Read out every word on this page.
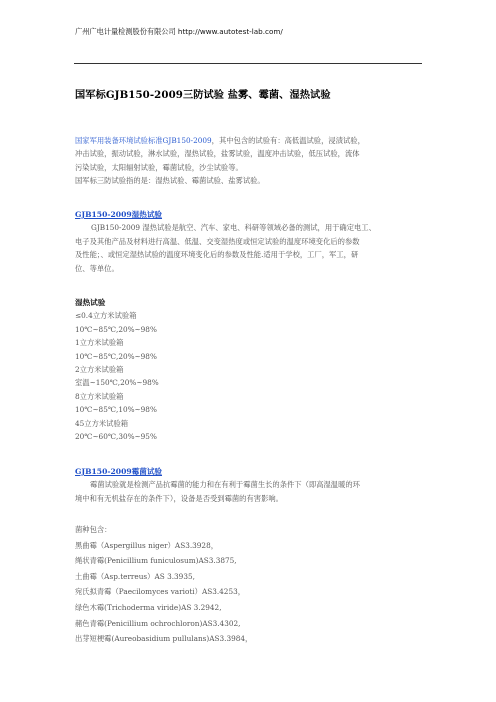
广州广电计量检测股份有限公司 http://www.autotest-lab.com/
国军标GJB150-2009三防试验 盐雾、霉菌、湿热试验

国家军用装备环境试验标准GJB150-2009，其中包含的试验有：高低温试验，浸渍试验，

冲击试验，振动试验，淋水试验，湿热试验，盐雾试验，温度冲击试验，低压试验，流体

污染试验，太阳辐射试验，霉菌试验，沙尘试验等。

国军标三防试验指的是：湿热试验、霉菌试验、盐雾试验。

GJB150-2009湿热试验

GJB150-2009 湿热试验是航空、汽车、家电、科研等领域必备的测试，用于确定电工、

电子及其他产品及材料进行高温、低温、交变湿热度或恒定试验的温度环境变化后的参数

及性能；、或恒定湿热试验的温度环境变化后的参数及性能.适用于学校，工厂，军工，研

位、等单位。

湿热试验

≤0.4立方米试验箱

10℃~85℃,20%~98%

1立方米试验箱

10℃~85℃,20%~98%

2立方米试验箱

室温~150℃,20%~98%

8立方米试验箱

10℃~85℃,10%~98%

45立方米试验箱

20℃~60℃,30%~95%

GJB150-2009霉菌试验

霉菌试验就是检测产品抗霉菌的能力和在有利于霉菌生长的条件下（即高湿温暖的环

境中和有无机盐存在的条件下），设备是否受到霉菌的有害影响。

菌种包含：

黑曲霉（Aspergillus niger）AS3.3928，

绳状青霉(Penicillium funiculosum)AS3.3875,

土曲霉（Asp.terreus）AS 3.3935,

宛氏拟青霉（Paecilomyces varioti）AS3.4253，

绿色木霉(Trichoderma viride)AS 3.2942,

赭色青霉(Penicillium ochrochloron)AS3.4302,

出芽短梗霉(Aureobasidium pullulans)AS3.3984，
